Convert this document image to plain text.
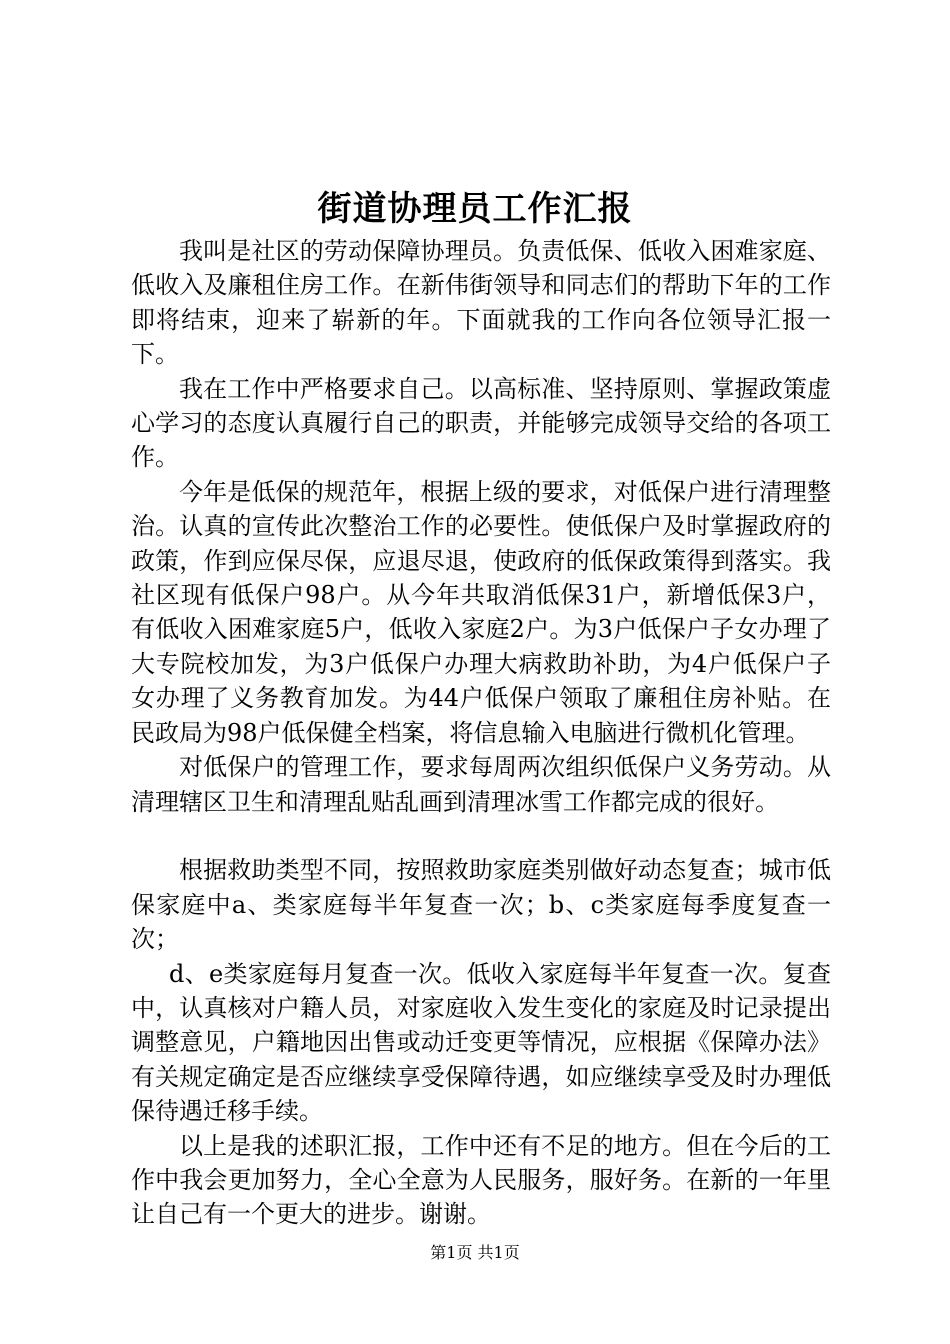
街道协理员工作汇报

我叫是社区的劳动保障协理员。负责低保、低收入困难家庭、低收入及廉租住房工作。在新伟街领导和同志们的帮助下年的工作即将结束，迎来了崭新的年。下面就我的工作向各位领导汇报一下。

我在工作中严格要求自己。以高标准、坚持原则、掌握政策虚心学习的态度认真履行自己的职责，并能够完成领导交给的各项工作。

今年是低保的规范年，根据上级的要求，对低保户进行清理整治。认真的宣传此次整治工作的必要性。使低保户及时掌握政府的政策，作到应保尽保，应退尽退，使政府的低保政策得到落实。我社区现有低保户98户。从今年共取消低保31户，新增低保3户，有低收入困难家庭5户，低收入家庭2户。为3户低保户子女办理了大专院校加发，为3户低保户办理大病救助补助，为4户低保户子女办理了义务教育加发。为44户低保户领取了廉租住房补贴。在民政局为98户低保健全档案，将信息输入电脑进行微机化管理。

对低保户的管理工作，要求每周两次组织低保户义务劳动。从清理辖区卫生和清理乱贴乱画到清理冰雪工作都完成的很好。

根据救助类型不同，按照救助家庭类别做好动态复查；城市低保家庭中a、类家庭每半年复查一次；b、c类家庭每季度复查一次；

d、e类家庭每月复查一次。低收入家庭每半年复查一次。复查中，认真核对户籍人员，对家庭收入发生变化的家庭及时记录提出调整意见，户籍地因出售或动迁变更等情况，应根据《保障办法》有关规定确定是否应继续享受保障待遇，如应继续享受及时办理低保待遇迁移手续。

以上是我的述职汇报，工作中还有不足的地方。但在今后的工作中我会更加努力，全心全意为人民服务，服好务。在新的一年里让自己有一个更大的进步。谢谢。

第1页 共1页
